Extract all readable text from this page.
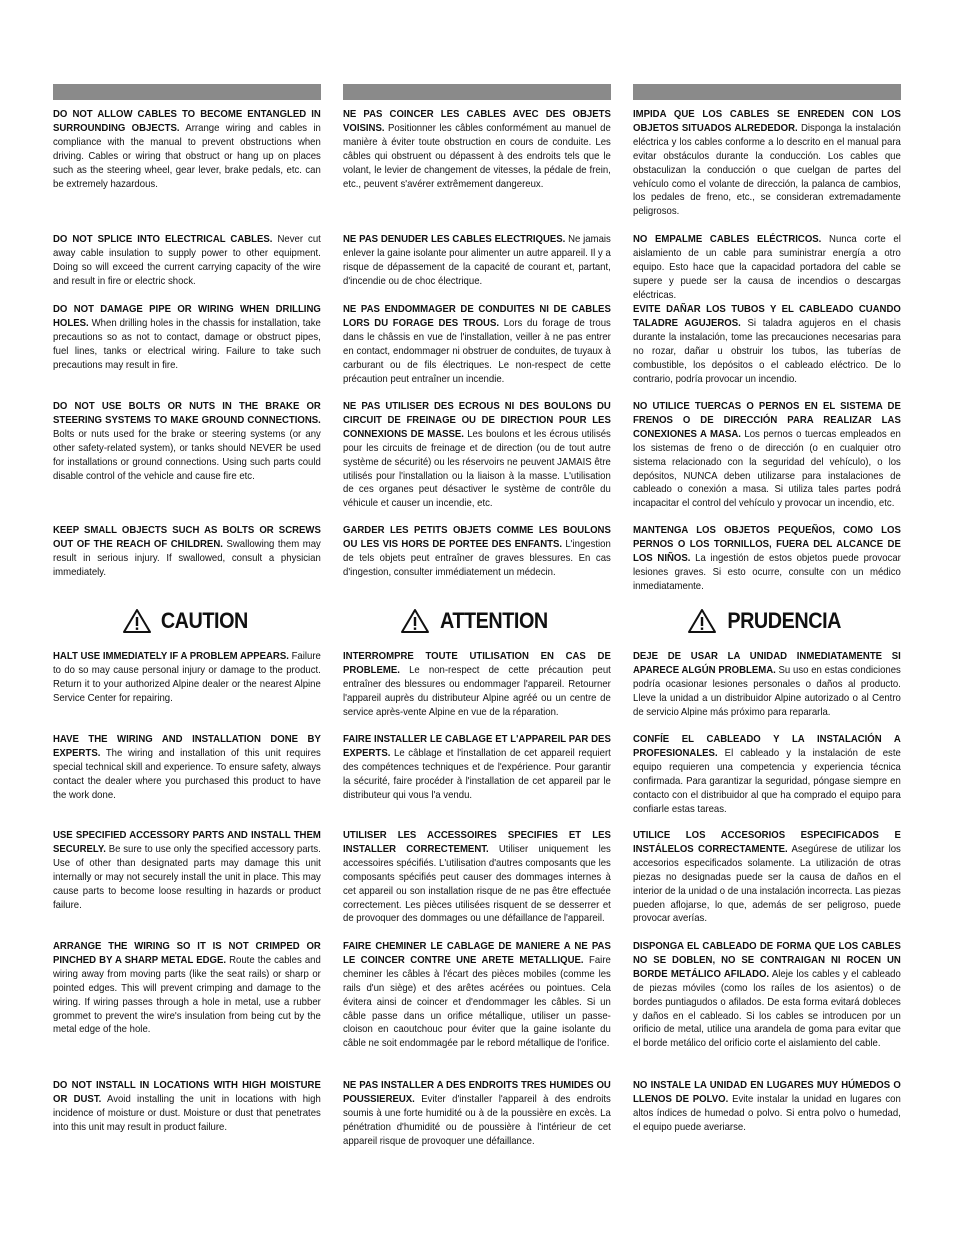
DO NOT ALLOW CABLES TO BECOME ENTANGLED IN SURROUNDING OBJECTS. Arrange wiring and cables in compliance with the manual to prevent obstructions when driving. Cables or wiring that obstruct or hang up on places such as the steering wheel, gear lever, brake pedals, etc. can be extremely hazardous.

DO NOT SPLICE INTO ELECTRICAL CABLES. Never cut away cable insulation to supply power to other equipment. Doing so will exceed the current carrying capacity of the wire and result in fire or electric shock.

DO NOT DAMAGE PIPE OR WIRING WHEN DRILLING HOLES. When drilling holes in the chassis for installation, take precautions so as not to contact, damage or obstruct pipes, fuel lines, tanks or electrical wiring. Failure to take such precautions may result in fire.

DO NOT USE BOLTS OR NUTS IN THE BRAKE OR STEERING SYSTEMS TO MAKE GROUND CONNECTIONS. Bolts or nuts used for the brake or steering systems (or any other safety-related system), or tanks should NEVER be used for installations or ground connections. Using such parts could disable control of the vehicle and cause fire etc.

KEEP SMALL OBJECTS SUCH AS BOLTS OR SCREWS OUT OF THE REACH OF CHILDREN. Swallowing them may result in serious injury. If swallowed, consult a physician immediately.

CAUTION

HALT USE IMMEDIATELY IF A PROBLEM APPEARS. Failure to do so may cause personal injury or damage to the product. Return it to your authorized Alpine dealer or the nearest Alpine Service Center for repairing.

HAVE THE WIRING AND INSTALLATION DONE BY EXPERTS. The wiring and installation of this unit requires special technical skill and experience. To ensure safety, always contact the dealer where you purchased this product to have the work done.

USE SPECIFIED ACCESSORY PARTS AND INSTALL THEM SECURELY. Be sure to use only the specified accessory parts. Use of other than designated parts may damage this unit internally or may not securely install the unit in place. This may cause parts to become loose resulting in hazards or product failure.

ARRANGE THE WIRING SO IT IS NOT CRIMPED OR PINCHED BY A SHARP METAL EDGE. Route the cables and wiring away from moving parts (like the seat rails) or sharp or pointed edges. This will prevent crimping and damage to the wiring. If wiring passes through a hole in metal, use a rubber grommet to prevent the wire's insulation from being cut by the metal edge of the hole.

DO NOT INSTALL IN LOCATIONS WITH HIGH MOISTURE OR DUST. Avoid installing the unit in locations with high incidence of moisture or dust. Moisture or dust that penetrates into this unit may result in product failure.

NE PAS COINCER LES CABLES AVEC DES OBJETS VOISINS. Positionner les câbles conformément au manuel de manière à éviter toute obstruction en cours de conduite. Les câbles qui obstruent ou dépassent à des endroits tels que le volant, le levier de changement de vitesses, la pédale de frein, etc., peuvent s'avérer extrêmement dangereux.

NE PAS DENUDER LES CABLES ELECTRIQUES. Ne jamais enlever la gaine isolante pour alimenter un autre appareil. Il y a risque de dépassement de la capacité de courant et, partant, d'incendie ou de choc électrique.

NE PAS ENDOMMAGER DE CONDUITES NI DE CABLES LORS DU FORAGE DES TROUS. Lors du forage de trous dans le châssis en vue de l'installation, veiller à ne pas entrer en contact, endommager ni obstruer de conduites, de tuyaux à carburant ou de fils électriques. Le non-respect de cette précaution peut entraîner un incendie.

NE PAS UTILISER DES ECROUS NI DES BOULONS DU CIRCUIT DE FREINAGE OU DE DIRECTION POUR LES CONNEXIONS DE MASSE. Les boulons et les écrous utilisés pour les circuits de freinage et de direction (ou de tout autre système de sécurité) ou les réservoirs ne peuvent JAMAIS être utilisés pour l'installation ou la liaison à la masse. L'utilisation de ces organes peut désactiver le système de contrôle du véhicule et causer un incendie, etc.

GARDER LES PETITS OBJETS COMME LES BOULONS OU LES VIS HORS DE PORTEE DES ENFANTS. L'ingestion de tels objets peut entraîner de graves blessures. En cas d'ingestion, consulter immédiatement un médecin.

ATTENTION

INTERROMPRE TOUTE UTILISATION EN CAS DE PROBLEME. Le non-respect de cette précaution peut entraîner des blessures ou endommager l'appareil. Retourner l'appareil auprès du distributeur Alpine agréé ou un centre de service après-vente Alpine en vue de la réparation.

FAIRE INSTALLER LE CABLAGE ET L'APPAREIL PAR DES EXPERTS. Le câblage et l'installation de cet appareil requiert des compétences techniques et de l'expérience. Pour garantir la sécurité, faire procéder à l'installation de cet appareil par le distributeur qui vous l'a vendu.

UTILISER LES ACCESSOIRES SPECIFIES ET LES INSTALLER CORRECTEMENT. Utiliser uniquement les accessoires spécifiés. L'utilisation d'autres composants que les composants spécifiés peut causer des dommages internes à cet appareil ou son installation risque de ne pas être effectuée correctement. Les pièces utilisées risquent de se desserrer et de provoquer des dommages ou une défaillance de l'appareil.

FAIRE CHEMINER LE CABLAGE DE MANIERE A NE PAS LE COINCER CONTRE UNE ARETE METALLIQUE. Faire cheminer les câbles à l'écart des pièces mobiles (comme les rails d'un siège) et des arêtes acérées ou pointues. Cela évitera ainsi de coincer et d'endommager les câbles. Si un câble passe dans un orifice métallique, utiliser un passe-cloison en caoutchouc pour éviter que la gaine isolante du câble ne soit endommagée par le rebord métallique de l'orifice.

NE PAS INSTALLER A DES ENDROITS TRES HUMIDES OU POUSSIEREUX. Eviter d'installer l'appareil à des endroits soumis à une forte humidité ou à de la poussière en excès. La pénétration d'humidité ou de poussière à l'intérieur de cet appareil risque de provoquer une défaillance.

IMPIDA QUE LOS CABLES SE ENREDEN CON LOS OBJETOS SITUADOS ALREDEDOR. Disponga la instalación eléctrica y los cables conforme a lo descrito en el manual para evitar obstáculos durante la conducción. Los cables que obstaculizan la conducción o que cuelgan de partes del vehículo como el volante de dirección, la palanca de cambios, los pedales de freno, etc., se consideran extremadamente peligrosos.

NO EMPALME CABLES ELÉCTRICOS. Nunca corte el aislamiento de un cable para suministrar energía a otro equipo. Esto hace que la capacidad portadora del cable se supere y puede ser la causa de incendios o descargas eléctricas.

EVITE DAÑAR LOS TUBOS Y EL CABLEADO CUANDO TALADRE AGUJEROS. Si taladra agujeros en el chasis durante la instalación, tome las precauciones necesarias para no rozar, dañar u obstruir los tubos, las tuberías de combustible, los depósitos o el cableado eléctrico. De lo contrario, podría provocar un incendio.

NO UTILICE TUERCAS O PERNOS EN EL SISTEMA DE FRENOS O DE DIRECCIÓN PARA REALIZAR LAS CONEXIONES A MASA. Los pernos o tuercas empleados en los sistemas de freno o de dirección (o en cualquier otro sistema relacionado con la seguridad del vehículo), o los depósitos, NUNCA deben utilizarse para instalaciones de cableado o conexión a masa. Si utiliza tales partes podrá incapacitar el control del vehículo y provocar un incendio, etc.

MANTENGA LOS OBJETOS PEQUEÑOS, COMO LOS PERNOS O LOS TORNILLOS, FUERA DEL ALCANCE DE LOS NIÑOS. La ingestión de estos objetos puede provocar lesiones graves. Si esto ocurre, consulte con un médico inmediatamente.

PRUDENCIA

DEJE DE USAR LA UNIDAD INMEDIATAMENTE SI APARECE ALGÚN PROBLEMA. Su uso en estas condiciones podría ocasionar lesiones personales o daños al producto. Lleve la unidad a un distribuidor Alpine autorizado o al Centro de servicio Alpine más próximo para repararla.

CONFÍE EL CABLEADO Y LA INSTALACIÓN A PROFESIONALES. El cableado y la instalación de este equipo requieren una competencia y experiencia técnica confirmada. Para garantizar la seguridad, póngase siempre en contacto con el distribuidor al que ha comprado el equipo para confiarle estas tareas.

UTILICE LOS ACCESORIOS ESPECIFICADOS E INSTÁLELOS CORRECTAMENTE. Asegúrese de utilizar los accesorios especificados solamente. La utilización de otras piezas no designadas puede ser la causa de daños en el interior de la unidad o de una instalación incorrecta. Las piezas pueden aflojarse, lo que, además de ser peligroso, puede provocar averías.

DISPONGA EL CABLEADO DE FORMA QUE LOS CABLES NO SE DOBLEN, NO SE CONTRAIGAN NI ROCEN UN BORDE METÁLICO AFILADO. Aleje los cables y el cableado de piezas móviles (como los raíles de los asientos) o de bordes puntiagudos o afilados. De esta forma evitará dobleces y daños en el cableado. Si los cables se introducen por un orificio de metal, utilice una arandela de goma para evitar que el borde metálico del orificio corte el aislamiento del cable.

NO INSTALE LA UNIDAD EN LUGARES MUY HÚMEDOS O LLENOS DE POLVO. Evite instalar la unidad en lugares con altos índices de humedad o polvo. Si entra polvo o humedad, el equipo puede averiarse.
